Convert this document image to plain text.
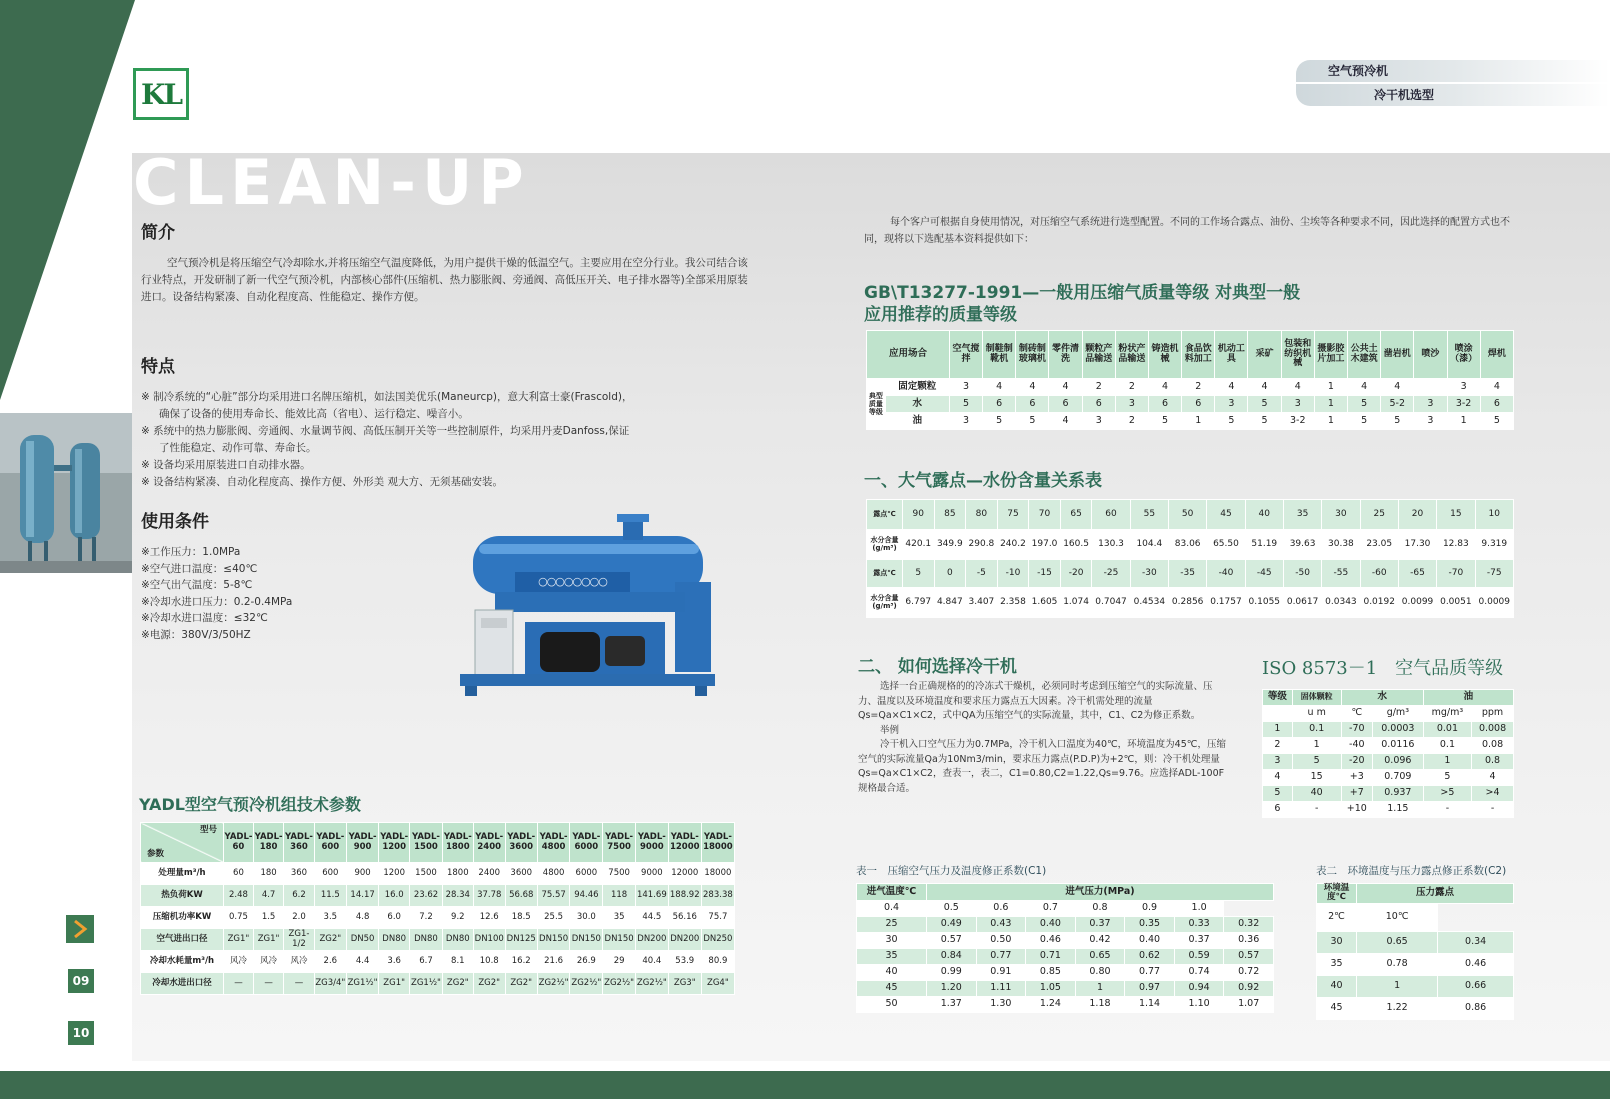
KL
CLEAN-UP
空气预冷机
冷干机选型
09
10
简介
空气预冷机是将压缩空气冷却除水,并将压缩空气温度降低，为用户提供干燥的低温空气。主要应用在空分行业。我公司结合该行业特点，开发研制了新一代空气预冷机，内部核心部件(压缩机、热力膨胀阀、旁通阀、高低压开关、电子排水器等)全部采用原装进口。设备结构紧凑、自动化程度高、性能稳定、操作方便。
特点
※ 制冷系统的“心脏”部分均采用进口名牌压缩机，如法国美优乐(Maneurcp)，意大利富士豪(Frascold)，
确保了设备的使用寿命长、能效比高（省电）、运行稳定、噪音小。
※ 系统中的热力膨胀阀、旁通阀、水量调节阀、高低压制开关等一些控制原件，均采用丹麦Danfoss,保证
了性能稳定、动作可靠、寿命长。
※ 设备均采用原装进口自动排水器。
※ 设备结构紧凑、自动化程度高、操作方便、外形美 观大方、无须基础安装。
使用条件
※工作压力：1.0MPa
※空气进口温度：≤40℃
※空气出气温度：5-8℃
※冷却水进口压力：0.2-0.4MPa
※冷却水进口温度：≤32℃
※电源：380V/3/50HZ
○○○○○○○○
YADL型空气预冷机组技术参数
型号
参数	YADL-60	YADL-180	YADL-360	YADL-600	YADL-900	YADL-1200	YADL-1500	YADL-1800	YADL-2400	YADL-3600	YADL-4800	YADL-6000	YADL-7500	YADL-9000	YADL-12000	YADL-18000
处理量m³/h	60	180	360	600	900	1200	1500	1800	2400	3600	4800	6000	7500	9000	12000	18000
热负荷KW	2.48	4.7	6.2	11.5	14.17	16.0	23.62	28.34	37.78	56.68	75.57	94.46	118	141.69	188.92	283.38
压缩机功率KW	0.75	1.5	2.0	3.5	4.8	6.0	7.2	9.2	12.6	18.5	25.5	30.0	35	44.5	56.16	75.7
空气进出口径	ZG1"	ZG1"	ZG1-1/2	ZG2"	DN50	DN80	DN80	DN80	DN100	DN125	DN150	DN150	DN150	DN200	DN200	DN250
冷却水耗量m³/h	风冷	风冷	风冷	2.6	4.4	3.6	6.7	8.1	10.8	16.2	21.6	26.9	29	40.4	53.9	80.9
冷却水进出口径	—	—	—	ZG3/4"	ZG1½"	ZG1"	ZG1½"	ZG2"	ZG2"	ZG2"	ZG2½"	ZG2½"	ZG2½"	ZG2½"	ZG3"	ZG4"
每个客户可根据自身使用情况，对压缩空气系统进行选型配置。不同的工作场合露点、油份、尘埃等各种要求不同，因此选择的配置方式也不同，现将以下选配基本资料提供如下：
GB\T13277-1991—一般用压缩气质量等级 对典型一般
应用推荐的质量等级
应用场合		空气搅拌	制鞋制靴机	制砖制玻璃机	零件清洗	颗粒产品输送	粉状产品输送	铸造机械	食品饮料加工	机动工具	采矿	包装和纺织机械	摄影胶片加工	公共土木建筑	凿岩机	喷沙	喷涂（漆）	焊机
典型质量等级	固定颗粒	3	4	4	4	2	2	4	2	4	4	4	1	4	4		3	4
	水	5	6	6	6	6	3	6	6	3	5	3	1	5	5-2	3	3-2	6
	油	3	5	5	4	3	2	5	1	5	5	3-2	1	5	5	3	1	5
一、大气露点—水份含量关系表
露点℃	90	85	80	75	70	65	60	55	50	45	40	35	30	25	20	15	10
水分含量(g/m³)	420.1	349.9	290.8	240.2	197.0	160.5	130.3	104.4	83.06	65.50	51.19	39.63	30.38	23.05	17.30	12.83	9.319
露点℃	5	0	-5	-10	-15	-20	-25	-30	-35	-40	-45	-50	-55	-60	-65	-70	-75
水分含量(g/m³)	6.797	4.847	3.407	2.358	1.605	1.074	0.7047	0.4534	0.2856	0.1757	0.1055	0.0617	0.0343	0.0192	0.0099	0.0051	0.0009
二、 如何选择冷干机
选择一台正确规格的的冷冻式干燥机，必须同时考虑到压缩空气的实际流量、压力、温度以及环境温度和要求压力露点五大因素。冷干机需处理的流量Qs=Qa×C1×C2，式中QA为压缩空气的实际流量，其中，C1、C2为修正系数。
举例
冷干机入口空气压力为0.7MPa，冷干机入口温度为40℃，环境温度为45℃，压缩空气的实际流量Qa为10Nm3/min，要求压力露点(P.D.P)为+2℃，则：冷干机处理量Qs=Qa×C1×C2，查表一，表二，C1=0.80,C2=1.22,Qs=9.76。应选择ADL-100F规格最合适。
ISO 8573－1　空气品质等级
等级	固体颗粒	水		油	
	u m	℃	g/m³	mg/m³	ppm
1	0.1	-70	0.0003	0.01	0.008
2	1	-40	0.0116	0.1	0.08
3	5	-20	0.096	1	0.8
4	15	+3	0.709	5	4
5	40	+7	0.937	>5	>4
6	-	+10	1.15	-	-
表一　压缩空气压力及温度修正系数(C1)
进气温度℃	进气压力(MPa)						
0.4	0.5	0.6	0.7	0.8	0.9	1.0	
25	0.49	0.43	0.40	0.37	0.35	0.33	0.32
30	0.57	0.50	0.46	0.42	0.40	0.37	0.36
35	0.84	0.77	0.71	0.65	0.62	0.59	0.57
40	0.99	0.91	0.85	0.80	0.77	0.74	0.72
45	1.20	1.11	1.05	1	0.97	0.94	0.92
50	1.37	1.30	1.24	1.18	1.14	1.10	1.07
表二　环境温度与压力露点修正系数(C2)
环境温度℃	压力露点	
2℃	10℃	
30	0.65	0.34
35	0.78	0.46
40	1	0.66
45	1.22	0.86
